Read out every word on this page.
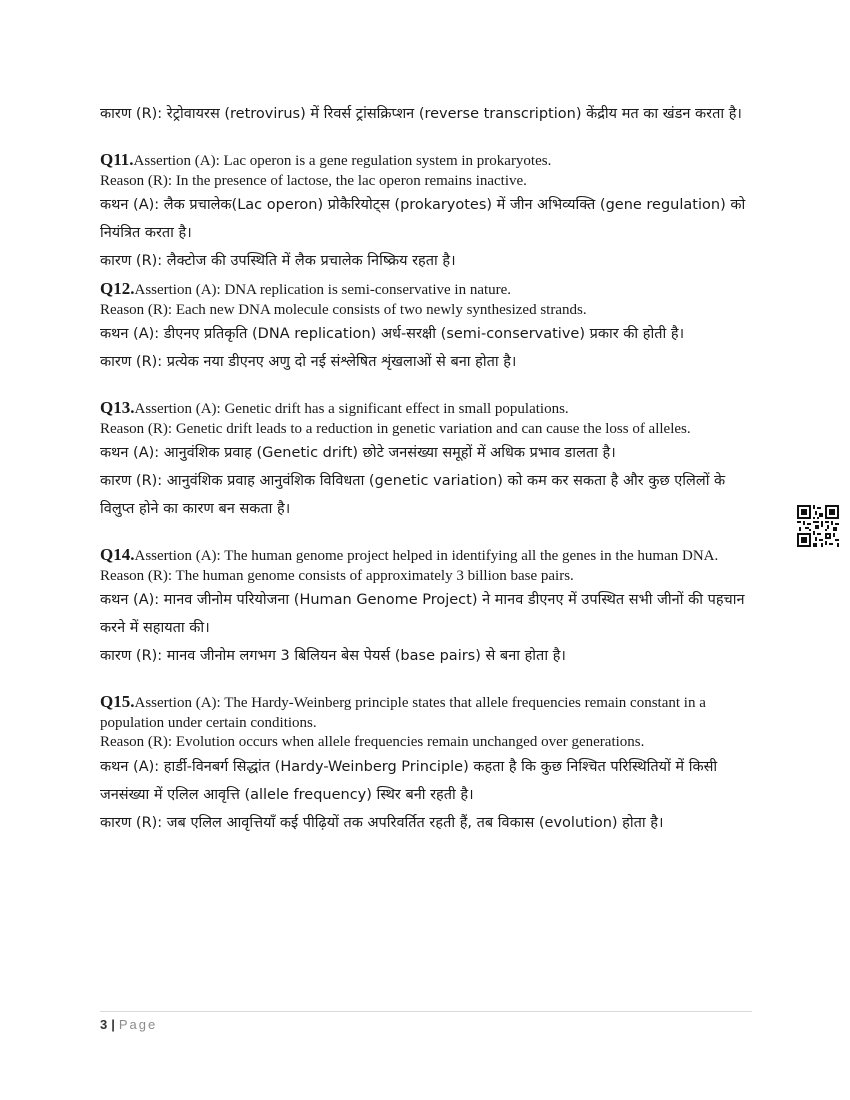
कारण (R): रेट्रोवायरस (retrovirus) में रिवर्स ट्रांसक्रिप्शन (reverse transcription) केंद्रीय मत का खंडन करता है।

Q11.Assertion (A): Lac operon is a gene regulation system in prokaryotes.

Reason (R): In the presence of lactose, the lac operon remains inactive.

कथन (A): लैक प्रचालेक(Lac operon) प्रोकैरियोट्स (prokaryotes) में जीन अभिव्यक्ति (gene regulation) को नियंत्रित करता है।

कारण (R): लैक्टोज की उपस्थिति में लैक प्रचालेक निष्क्रिय रहता है।

Q12.Assertion (A): DNA replication is semi-conservative in nature.

Reason (R): Each new DNA molecule consists of two newly synthesized strands.

कथन (A): डीएनए प्रतिकृति (DNA replication) अर्ध-सरक्षी (semi-conservative) प्रकार की होती है।

कारण (R): प्रत्येक नया डीएनए अणु दो नई संश्लेषित शृंखलाओं से बना होता है।

Q13.Assertion (A): Genetic drift has a significant effect in small populations.

Reason (R): Genetic drift leads to a reduction in genetic variation and can cause the loss of alleles.

कथन (A): आनुवंशिक प्रवाह (Genetic drift) छोटे जनसंख्या समूहों में अधिक प्रभाव डालता है।

कारण (R): आनुवंशिक प्रवाह आनुवंशिक विविधता (genetic variation) को कम कर सकता है और कुछ एलिलों के विलुप्त होने का कारण बन सकता है।

Q14.Assertion (A): The human genome project helped in identifying all the genes in the human DNA.

Reason (R): The human genome consists of approximately 3 billion base pairs.

कथन (A): मानव जीनोम परियोजना (Human Genome Project) ने मानव डीएनए में उपस्थित सभी जीनों की पहचान करने में सहायता की।

कारण (R): मानव जीनोम लगभग 3 बिलियन बेस पेयर्स (base pairs) से बना होता है।

Q15.Assertion (A): The Hardy-Weinberg principle states that allele frequencies remain constant in a population under certain conditions.

Reason (R): Evolution occurs when allele frequencies remain unchanged over generations.

कथन (A): हार्डी-विनबर्ग सिद्धांत (Hardy-Weinberg Principle) कहता है कि कुछ निश्चित परिस्थितियों में किसी जनसंख्या में एलिल आवृत्ति (allele frequency) स्थिर बनी रहती है।

कारण (R): जब एलिल आवृत्तियाँ कई पीढ़ियों तक अपरिवर्तित रहती हैं, तब विकास (evolution) होता है।

3 | Page
